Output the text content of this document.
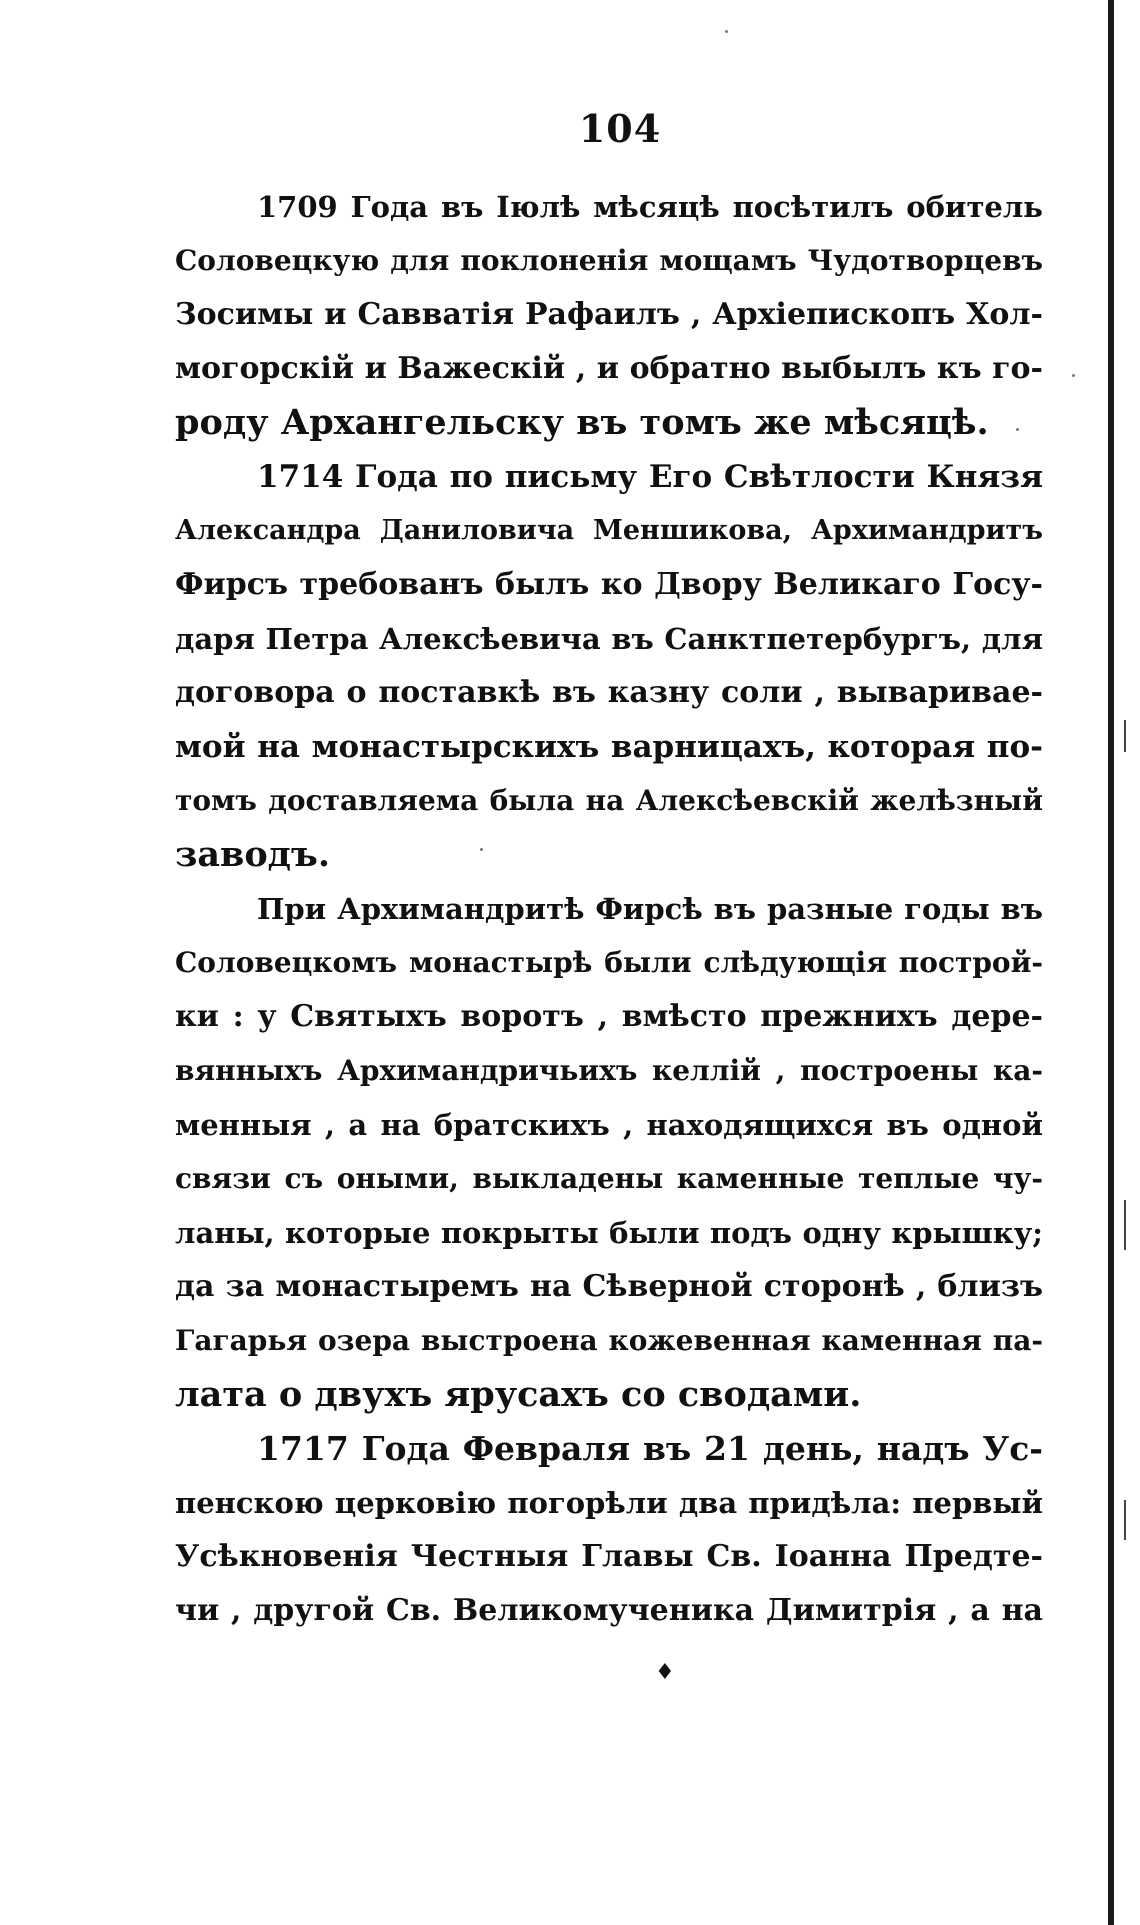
104
1709 Года въ Іюлѣ мѣсяцѣ посѣтилъ обитель
Соловецкую для поклоненія мощамъ Чудотворцевъ
Зосимы и Савватія Рафаилъ , Архіепископъ Хол-
могорскій и Важескій , и обратно выбылъ къ го-
роду Архангельску въ томъ же мѣсяцѣ.
1714 Года по письму Его Свѣтлости Князя
Александра Даниловича Меншикова, Архимандритъ
Фирсъ требованъ былъ ко Двору Великаго Госу-
даря Петра Алексѣевича въ Санктпетербургъ, для
договора о поставкѣ въ казну соли , вывариваe-
мой на монастырскихъ варницахъ, которая по-
томъ доставляема была на Алексѣевскій желѣзный
заводъ.
При Архимандритѣ Фирсѣ въ разные годы въ
Соловецкомъ монастырѣ были слѣдующія построй-
ки : у Святыхъ воротъ , вмѣсто прежнихъ дере-
вянныхъ Архимандричьихъ келлій , построены ка-
менныя , а на братскихъ , находящихся въ одной
связи съ оными, выкладены каменные теплые чу-
ланы, которые покрыты были подъ одну крышку;
да за монастыремъ на Сѣверной сторонѣ , близъ
Гагарья озера выстроена кожевенная каменная па-
лата о двухъ ярусахъ со сводами.
1717 Года Февраля въ 21 день, надъ Ус-
пенскою церковію погорѣли два придѣла: первый
Усѣкновенія Честныя Главы Св. Іоанна Предте-
чи , другой Св. Великомученика Димитрія , а на
♦
